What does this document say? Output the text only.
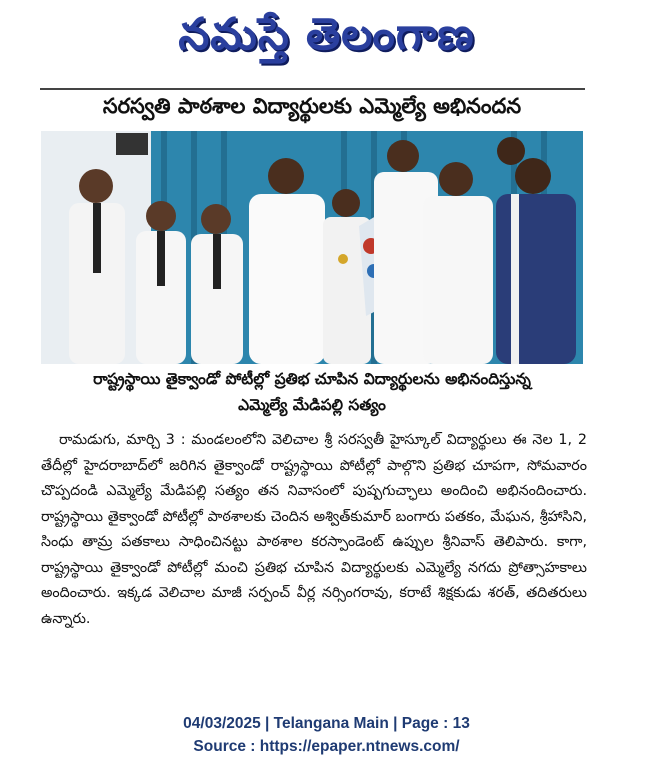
నమస్తే తెలంగాణ
సరస్వతి పాఠశాల విద్యార్థులకు ఎమ్మెల్యే అభినందన
రాష్ట్రస్థాయి తైక్వాండో పోటీల్లో ప్రతిభ చూపిన విద్యార్థులను అభినందిస్తున్న
ఎమ్మెల్యే మేడిపల్లి సత్యం

రామడుగు, మార్చి 3 : మండలంలోని వెలిచాల శ్రీ సరస్వతీ హైస్కూల్ విద్యార్థులు ఈ నెల 1, 2 తేదీల్లో హైదరాబాద్‌లో జరిగిన తైక్వాండో రాష్ట్రస్థాయి పోటీల్లో పాల్గొని ప్రతిభ చూపగా, సోమవారం చొప్పదండి ఎమ్మెల్యే మేడిపల్లి సత్యం తన నివాసంలో పుష్పగుచ్ఛాలు అందించి అభినందించారు. రాష్ట్రస్థాయి తైక్వాండో పోటీల్లో పాఠశాలకు చెందిన అశ్విత్‌కుమార్ బంగారు పతకం, మేఘన, శ్రీహాసిని, సింధు తామ్ర పతకాలు సాధించినట్టు పాఠశాల కరస్పాండెంట్ ఉప్పుల శ్రీనివాస్ తెలిపారు. కాగా, రాష్ట్రస్థాయి తైక్వాండో పోటీల్లో మంచి ప్రతిభ చూపిన విద్యార్థులకు ఎమ్మెల్యే నగదు ప్రోత్సాహకాలు అందించారు. ఇక్కడ వెలిచాల మాజీ సర్పంచ్ వీర్ల నర్సింగరావు, కరాటే శిక్షకుడు శరత్, తదితరులు ఉన్నారు.

04/03/2025 | Telangana Main | Page : 13
Source : https://epaper.ntnews.com/
